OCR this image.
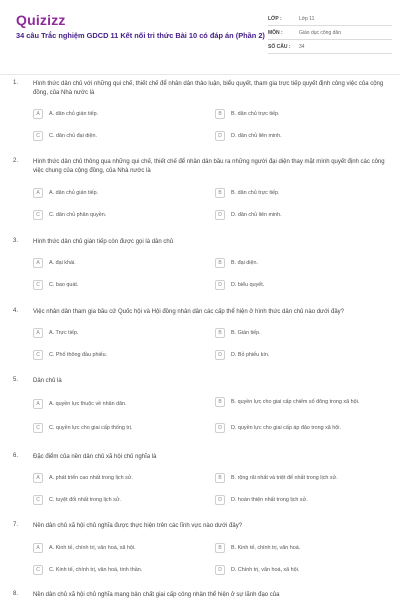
Quizizz
34 câu Trắc nghiệm GDCD 11 Kết nối tri thức Bài 10 có đáp án (Phần 2)
LỚP :	Lớp 11
MÔN :	Giáo dục công dân
SỐ CÂU :	34
1. Hình thức dân chủ với những qui chế, thiết chế để nhân dân thảo luận, biểu quyết, tham gia trực tiếp quyết định công việc của cộng đồng, của Nhà nước là
A	A. dân chủ gián tiếp.	B	B. dân chủ trực tiếp.
C	C. dân chủ đại diện.	D	D. dân chủ liên minh.
2. Hình thức dân chủ thông qua những qui chế, thiết chế để nhân dân bầu ra những người đại diện thay mặt mình quyết định các công việc chung của cộng đồng, của Nhà nước là
A	A. dân chủ gián tiếp.	B	B. dân chủ trực tiếp.
C	C. dân chủ phân quyền.	D	D. dân chủ liên minh.
3. Hình thức dân chủ gián tiếp còn được gọi là dân chủ
A	A. đại khái.	B	B. đại diện.
C	C. bao quát.	D	D. biểu quyết.
4. Việc nhân dân tham gia bầu cử Quốc hội và Hội đồng nhân dân các cấp thể hiện ở hình thức dân chủ nào dưới đây?
A	A. Trực tiếp.	B	B. Gián tiếp.
C	C. Phổ thông đầu phiếu.	D	D. Bỏ phiếu kín.
5. Dân chủ là
A	A. quyền lực thuộc về nhân dân.	B	B. quyền lực cho giai cấp chiếm số đông trong xã hội.
C	C. quyền lực cho giai cấp thống trị.	D	D. quyền lực cho giai cấp áp đảo trong xã hội.
6. Đặc điểm của nền dân chủ xã hội chủ nghĩa là
A	A. phát triển cao nhất trong lịch sử.	B	B. rộng rãi nhất và triệt để nhất trong lịch sử.
C	C. tuyệt đối nhất trong lịch sử.	D	D. hoàn thiện nhất trong lịch sử.
7. Nền dân chủ xã hội chủ nghĩa được thực hiện trên các lĩnh vực nào dưới đây?
A	A. Kinh tế, chính trị, văn hoá, xã hội.	B	B. Kinh tế, chính trị, văn hoá.
C	C. Kinh tế, chính trị, văn hoá, tinh thần.	D	D. Chính trị, văn hoá, xã hội.
8. Nền dân chủ xã hội chủ nghĩa mang bản chất giai cấp công nhân thể hiện ở sự lãnh đạo của
